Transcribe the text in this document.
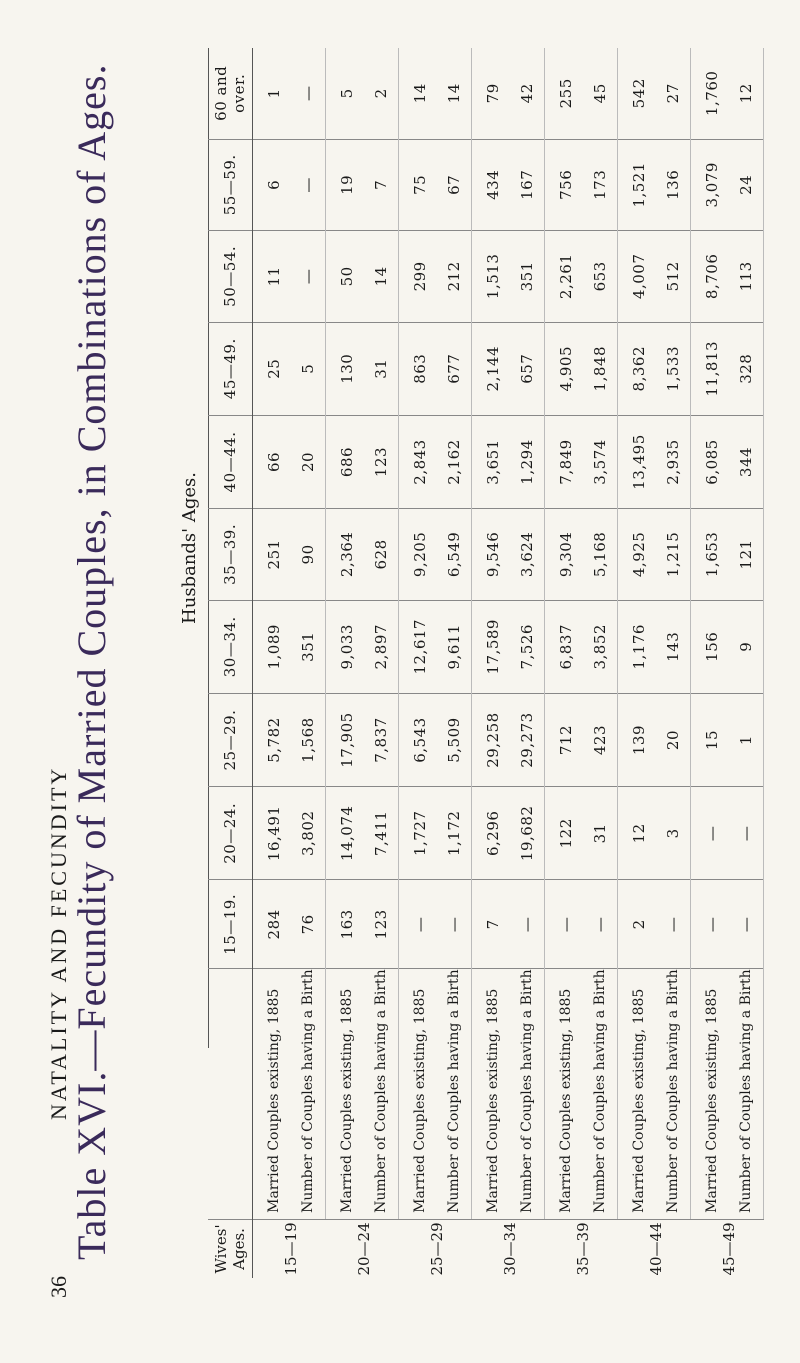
36
NATALITY AND FECUNDITY
Table XVI.—Fecundity of Married Couples, in Combinations of Ages.	Husbands' Ages.
Wives' Ages.		15—19.	20—24.	25—29.	30—34.	35—39.	40—44.	45—49.	50—54.	55—59.	60 and over.
15—19	Married Couples existing, 1885	284	16,491	5,782	1,089	251	66	25	11	6	1
	Number of Couples having a Birth	76	3,802	1,568	351	90	20	5	—	—	—
20—24	Married Couples existing, 1885	163	14,074	17,905	9,033	2,364	686	130	50	19	5
	Number of Couples having a Birth	123	7,411	7,837	2,897	628	123	31	14	7	2
25—29	Married Couples existing, 1885	—	1,727	6,543	12,617	9,205	2,843	863	299	75	14
	Number of Couples having a Birth	—	1,172	5,509	9,611	6,549	2,162	677	212	67	14
30—34	Married Couples existing, 1885	7	6,296	29,258	17,589	9,546	3,651	2,144	1,513	434	79
	Number of Couples having a Birth	—	19,682	29,273	7,526	3,624	1,294	657	351	167	42
35—39	Married Couples existing, 1885	—	122	712	6,837	9,304	7,849	4,905	2,261	756	255
	Number of Couples having a Birth	—	31	423	3,852	5,168	3,574	1,848	653	173	45
40—44	Married Couples existing, 1885	2	12	139	1,176	4,925	13,495	8,362	4,007	1,521	542
	Number of Couples having a Birth	—	3	20	143	1,215	2,935	1,533	512	136	27
45—49	Married Couples existing, 1885	—	—	15	156	1,653	6,085	11,813	8,706	3,079	1,760
	Number of Couples having a Birth	—	—	1	9	121	344	328	113	24	12
